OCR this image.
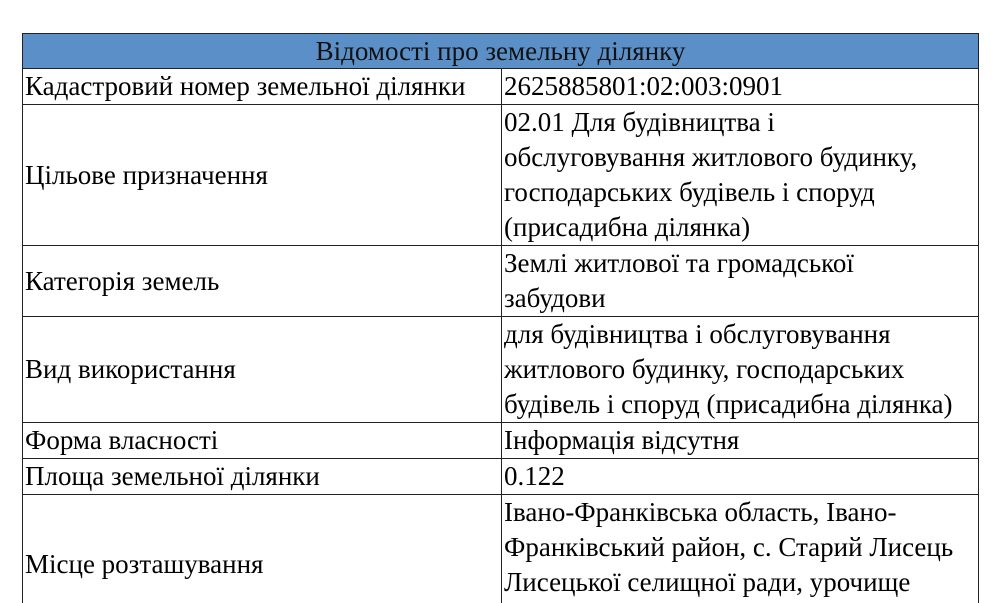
Відомості про земельну ділянку	
Кадастровий номер земельної ділянки	2625885801:02:003:0901

Цільове призначення	02.01 Для будівництва і
обслуговування житлового будинку,
господарських будівель і споруд
(присадибна ділянка)

Категорія земель	Землі житлової та громадської
забудови

Вид використання	для будівництва і обслуговування
житлового будинку, господарських
будівель і споруд (присадибна ділянка)

Форма власності	Інформація відсутня

Площа земельної ділянки	0.122

Місце розташування	Івано-Франківська область, Івано-
Франківський район, с. Старий Лисець
Лисецької селищної ради, урочище
